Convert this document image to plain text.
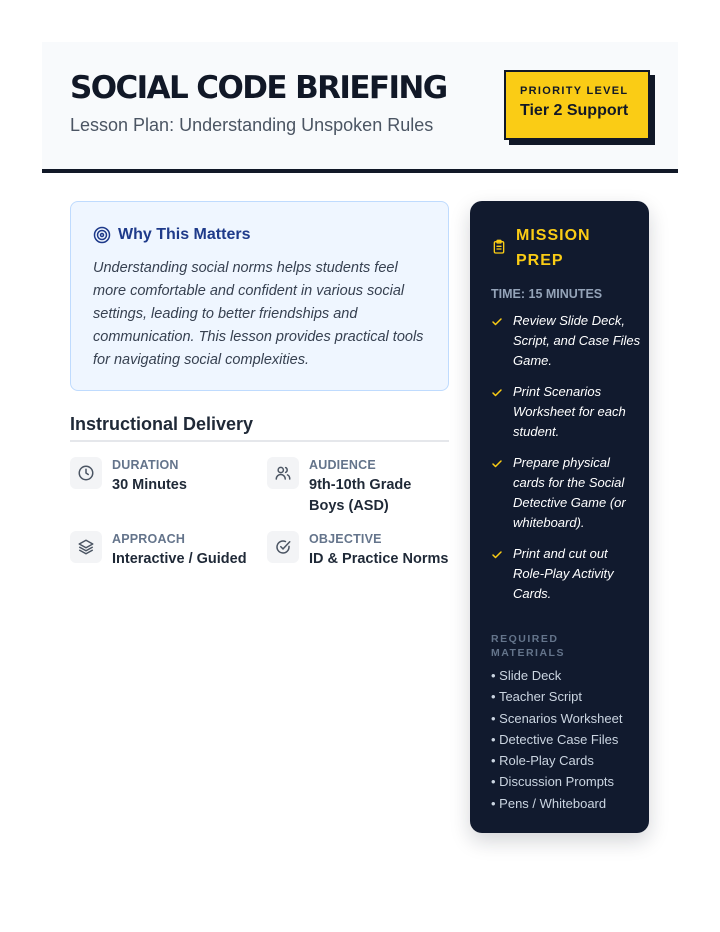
SOCIAL CODE BRIEFING
Lesson Plan: Understanding Unspoken Rules
PRIORITY LEVEL
Tier 2 Support
Why This Matters

Understanding social norms helps students feel more comfortable and confident in various social settings, leading to better friendships and communication. This lesson provides practical tools for navigating social complexities.

Instructional Delivery
DURATION
30 Minutes
AUDIENCE
9th-10th Grade Boys (ASD)
APPROACH
Interactive / Guided
OBJECTIVE
ID & Practice Norms
MISSION PREP
TIME: 15 MINUTES
Review Slide Deck, Script, and Case Files Game.
Print Scenarios Worksheet for each student.
Prepare physical cards for the Social Detective Game (or whiteboard).
Print and cut out Role-Play Activity Cards.
REQUIRED MATERIALS
• Slide Deck
• Teacher Script
• Scenarios Worksheet
• Detective Case Files
• Role-Play Cards
• Discussion Prompts
• Pens / Whiteboard
